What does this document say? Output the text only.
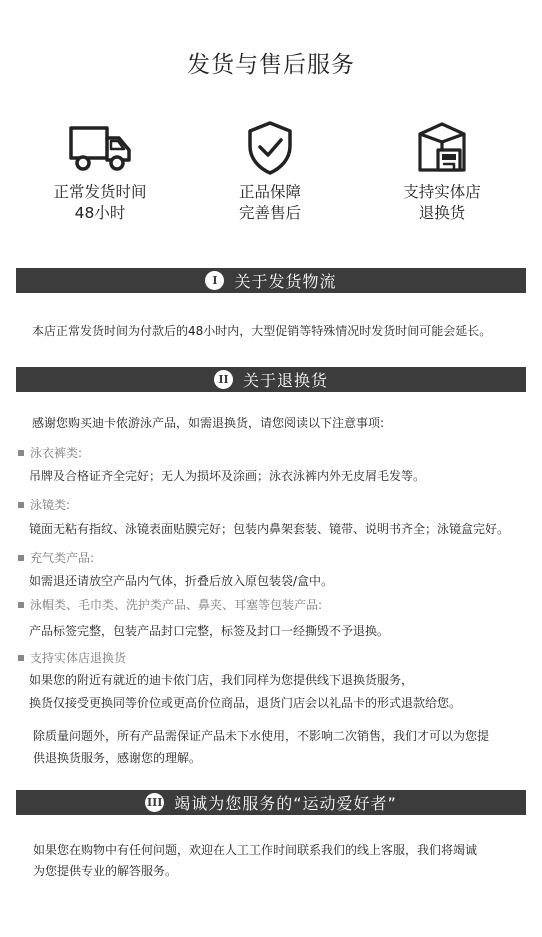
发货与售后服务
正常发货时间
48小时
正品保障
完善售后
支持实体店
退换货
I	关于发货物流
本店正常发货时间为付款后的48小时内，大型促销等特殊情况时发货时间可能会延长。
II 关于退换货
感谢您购买迪卡侬游泳产品，如需退换货，请您阅读以下注意事项:
泳衣裤类:
吊牌及合格证齐全完好；无人为损坏及涂画；泳衣泳裤内外无皮屑毛发等。
泳镜类:
镜面无粘有指纹、泳镜表面贴膜完好；包装内鼻架套装、镜带、说明书齐全；泳镜盒完好。
充气类产品:
如需退还请放空产品内气体，折叠后放入原包装袋/盒中。
泳帽类、毛巾类、洗护类产品、鼻夹、耳塞等包装产品:
产品标签完整，包装产品封口完整，标签及封口一经撕毁不予退换。
支持实体店退换货
如果您的附近有就近的迪卡侬门店，我们同样为您提供线下退换货服务，
换货仅接受更换同等价位或更高价位商品，退货门店会以礼品卡的形式退款给您。
除质量问题外，所有产品需保证产品未下水使用，不影响二次销售，我们才可以为您提
供退换货服务，感谢您的理解。
III 竭诚为您服务的“运动爱好者”
如果您在购物中有任何问题，欢迎在人工工作时间联系我们的线上客服，我们将竭诚
为您提供专业的解答服务。
